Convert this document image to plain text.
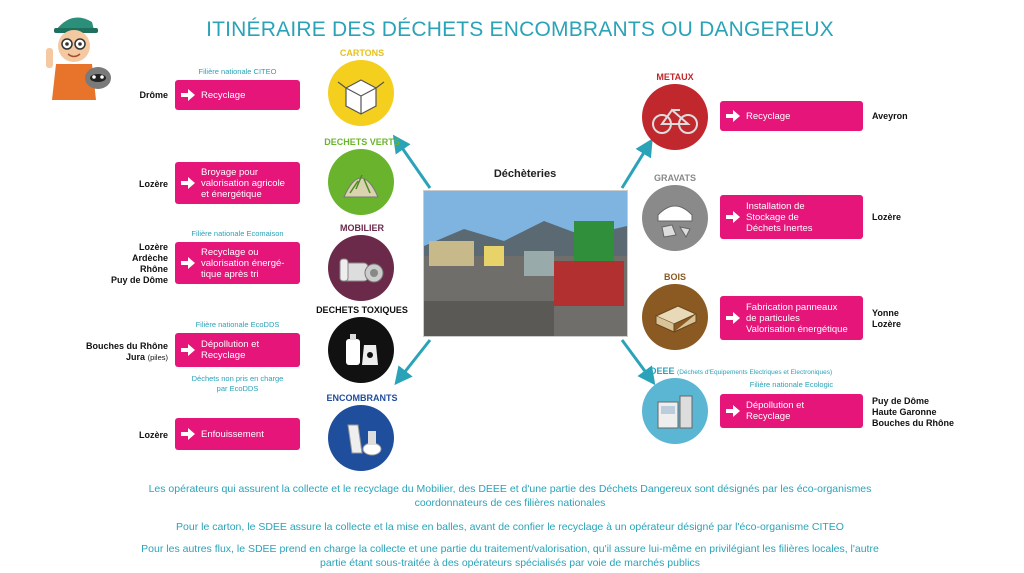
ITINÉRAIRE DES DÉCHETS ENCOMBRANTS OU DANGEREUX
Déchèteries
CARTONS
Filière nationale CITEO
Recyclage
Drôme
DECHETS VERTS
Broyage pour
valorisation agricole
et énergétique
Lozère
MOBILIER
Filière nationale Ecomaison
Recyclage ou
valorisation énergé-
tique après tri
Lozère
Ardèche
Rhône
Puy de Dôme
DECHETS TOXIQUES
Filière nationale EcoDDS
Dépollution et
Recyclage
Déchets non pris en charge
par EcoDDS
Bouches du Rhône
Jura (piles)
ENCOMBRANTS
Enfouissement
Lozère
METAUX
Recyclage	Aveyron
GRAVATS
Installation de
Stockage de
Déchets Inertes
Lozère
BOIS
Fabrication panneaux
de particules
Valorisation énergétique
Yonne
Lozère
DEEE (Déchets d'Equipements Electriques et Electroniques)
Filière nationale Ecologic
Dépollution et
Recyclage
Puy de Dôme
Haute Garonne
Bouches du Rhône
Les opérateurs qui assurent la collecte et le recyclage du Mobilier, des DEEE et d'une partie des Déchets Dangereux sont désignés par les éco-organismes
coordonnateurs de ces filières nationales
Pour le carton, le SDEE assure la collecte et la mise en balles, avant de confier le recyclage à un opérateur désigné par l'éco-organisme CITEO
Pour les autres flux, le SDEE prend en charge la collecte et une partie du traitement/valorisation, qu'il assure lui-même en privilégiant les filières locales, l'autre
partie étant sous-traitée à des opérateurs spécialisés par voie de marchés publics
